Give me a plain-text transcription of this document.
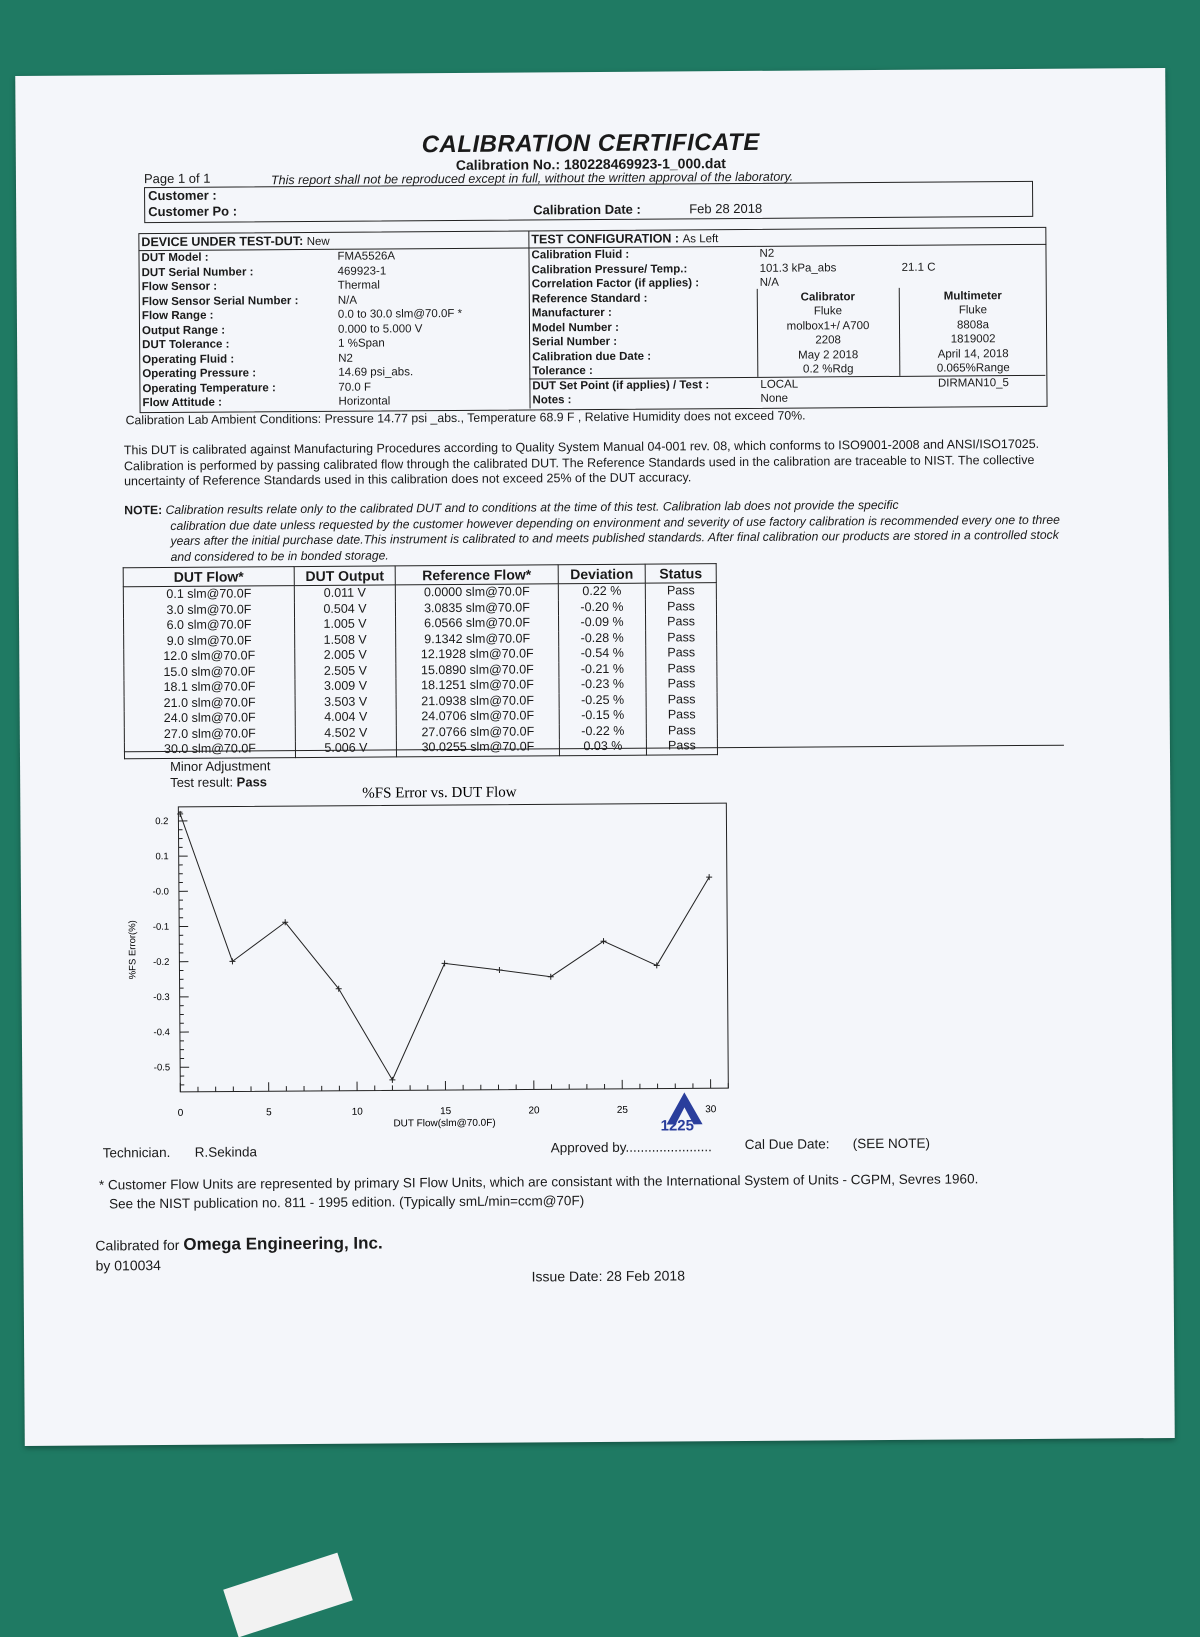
CALIBRATION CERTIFICATE
Calibration No.: 180228469923-1_000.dat
Page 1 of 1	This report shall not be reproduced except in full, without the written approval of the laboratory.
Customer :
Customer Po :	Calibration Date :	Feb 28 2018
DEVICE UNDER TEST-DUT: New		TEST CONFIGURATION : As Left		
DUT Model :	FMA5526A	Calibration Fluid :	N2	
DUT Serial Number :	469923-1	Calibration Pressure/ Temp.:	101.3 kPa_abs	21.1 C
Flow Sensor :	Thermal	Correlation Factor (if applies) :	N/A	
Flow Sensor Serial Number :	N/A	Reference Standard :	Calibrator	Multimeter
Flow Range :	0.0 to 30.0 slm@70.0F *	Manufacturer :	Fluke	Fluke
Output Range :	0.000 to 5.000 V	Model Number :	molbox1+/ A700	8808a
DUT Tolerance :	1 %Span	Serial Number :	2208	1819002
Operating Fluid :	N2	Calibration due Date :	May 2 2018	April 14, 2018
Operating Pressure :	14.69 psi_abs.	Tolerance :	0.2 %Rdg	0.065%Range
Operating Temperature :	70.0 F	DUT Set Point (if applies) / Test :	LOCAL	DIRMAN10_5
Flow Attitude :	Horizontal	Notes :	None	
Calibration Lab Ambient Conditions: Pressure 14.77 psi _abs., Temperature 68.9 F , Relative Humidity does not exceed 70%.
This DUT is calibrated against Manufacturing Procedures according to Quality System Manual 04-001 rev. 08, which conforms to ISO9001-2008 and ANSI/ISO17025. Calibration is performed by passing calibrated flow through the calibrated DUT. The Reference Standards used in the calibration are traceable to NIST. The collective uncertainty of Reference Standards used in this calibration does not exceed 25% of the DUT accuracy.
NOTE: Calibration results relate only to the calibrated DUT and to conditions at the time of this test. Calibration lab does not provide the specific
calibration due date unless requested by the customer however depending on environment and severity of use factory calibration is recommended every one to three years after the initial purchase date.This instrument is calibrated to and meets published standards. After final calibration our products are stored in a controlled stock and considered to be in bonded storage.
DUT Flow*	DUT Output	Reference Flow*	Deviation	Status
0.1 slm@70.0F	0.011 V	0.0000 slm@70.0F	0.22 %	Pass
3.0 slm@70.0F	0.504 V	3.0835 slm@70.0F	-0.20 %	Pass
6.0 slm@70.0F	1.005 V	6.0566 slm@70.0F	-0.09 %	Pass
9.0 slm@70.0F	1.508 V	9.1342 slm@70.0F	-0.28 %	Pass
12.0 slm@70.0F	2.005 V	12.1928 slm@70.0F	-0.54 %	Pass
15.0 slm@70.0F	2.505 V	15.0890 slm@70.0F	-0.21 %	Pass
18.1 slm@70.0F	3.009 V	18.1251 slm@70.0F	-0.23 %	Pass
21.0 slm@70.0F	3.503 V	21.0938 slm@70.0F	-0.25 %	Pass
24.0 slm@70.0F	4.004 V	24.0706 slm@70.0F	-0.15 %	Pass
27.0 slm@70.0F	4.502 V	27.0766 slm@70.0F	-0.22 %	Pass
30.0 slm@70.0F	5.006 V	30.0255 slm@70.0F	0.03 %	Pass
Minor Adjustment
Test result: Pass
%FS Error vs. DUT Flow
0	5	10	15	20	25	30
0.2
0.1
-0.0
-0.1
-0.2
-0.3
-0.4
-0.5
DUT Flow(slm@70.0F)
%FS Error(%)
Technician. R.Sekinda	Approved by....................... Cal Due Date: (SEE NOTE)
1225
* Customer Flow Units are represented by primary SI Flow Units, which are consistant with the International System of Units - CGPM, Sevres 1960.
See the NIST publication no. 811 - 1995 edition. (Typically smL/min=ccm@70F)
Calibrated for Omega Engineering, Inc.
by 010034
Issue Date: 28 Feb 2018
